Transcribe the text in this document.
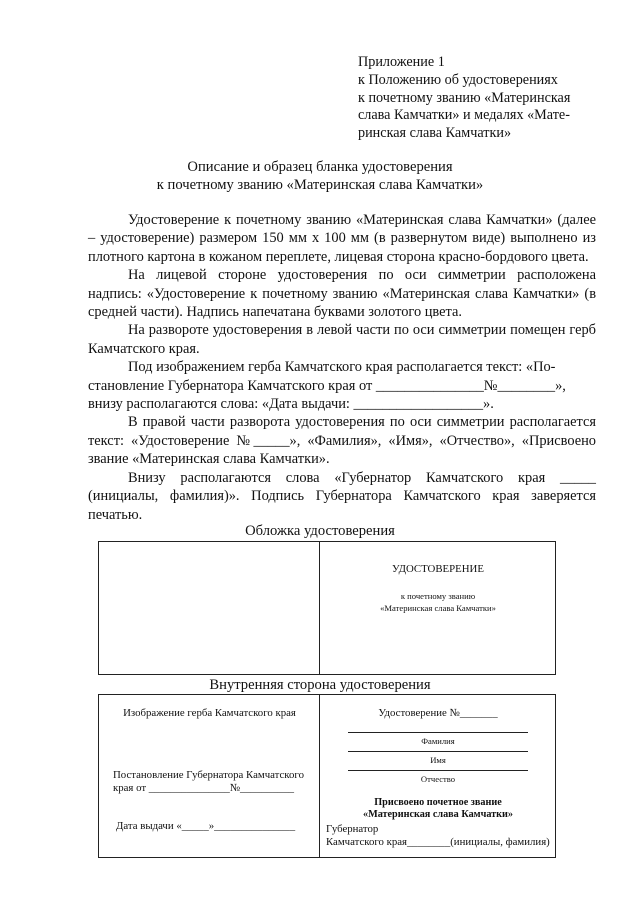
Приложение 1
к Положению об удостоверениях
к почетному званию «Материнская
слава Камчатки» и медалях «Мате-
ринская слава Камчатки»
Описание и образец бланка удостоверения
к почетному званию «Материнская слава Камчатки»

Удостоверение к почетному званию «Материнская слава Камчатки» (далее – удостоверение) размером 150 мм х 100 мм (в развернутом виде) выполнено из плотного картона в кожаном переплете, лицевая сторона красно-бордового цвета.

На лицевой стороне удостоверения по оси симметрии расположена надпись: «Удостоверение к почетному званию «Материнская слава Камчатки» (в средней части). Надпись напечатана буквами золотого цвета.

На развороте удостоверения в левой части по оси симметрии помещен герб Камчатского края.

Под изображением герба Камчатского края располагается текст: «По-
становление Губернатора Камчатского края от _______________№________»,
внизу располагаются слова: «Дата выдачи: __________________».

В правой части разворота удостоверения по оси симметрии располагается текст: «Удостоверение №_____», «Фамилия», «Имя», «Отчество», «Присвоено звание «Материнская слава Камчатки».

Внизу располагаются слова «Губернатор Камчатского края _____ (инициалы, фамилия)». Подпись Губернатора Камчатского края заверяется печатью.

Обложка удостоверения
УДОСТОВЕРЕНИЕ
к почетному званию
«Материнская слава Камчатки»
Внутренняя сторона удостоверения
Изображение герба Камчатского края
Постановление Губернатора Камчатского
края от _______________№__________
Дата выдачи «_____»_______________
Удостоверение №_______
Фамилия
Имя
Отчество
Присвоено почетное звание
«Материнская слава Камчатки»
Губернатор
Камчатского края________(инициалы, фамилия)
